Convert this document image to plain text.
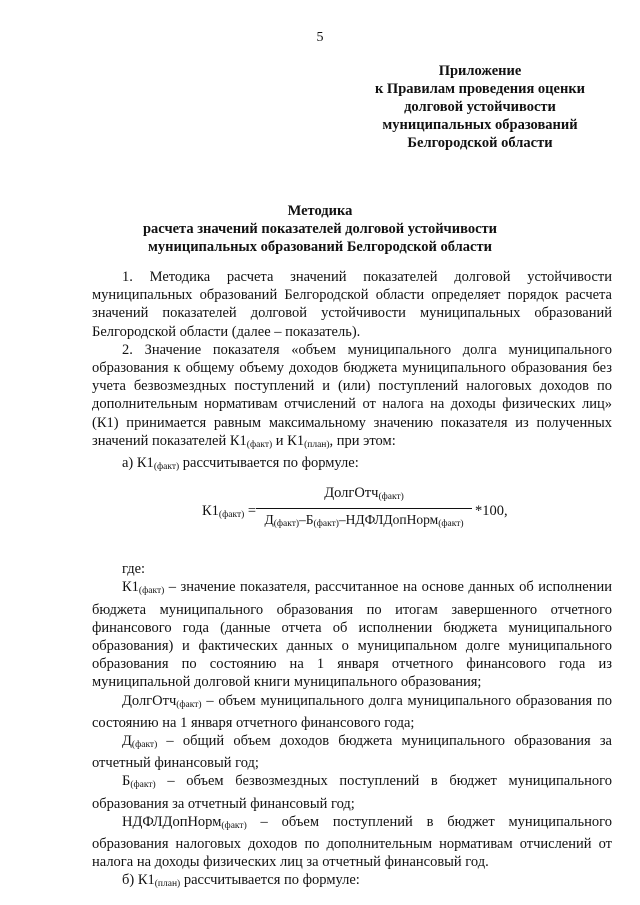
5
Приложение
к Правилам проведения оценки
долговой устойчивости
муниципальных образований
Белгородской области
Методика
расчета значений показателей долговой устойчивости
муниципальных образований Белгородской области

1. Методика расчета значений показателей долговой устойчивости муниципальных образований Белгородской области определяет порядок расчета значений показателей долговой устойчивости муниципальных образований Белгородской области (далее – показатель).

2. Значение показателя «объем муниципального долга муниципального образования к общему объему доходов бюджета муниципального образования без учета безвозмездных поступлений и (или) поступлений налоговых доходов по дополнительным нормативам отчислений от налога на доходы физических лиц» (К1) принимается равным максимальному значению показателя из полученных значений показателей $К1_{(факт)}$ и $К1_{(план)}$, при этом:

а) $К1_{(факт)}$ рассчитывается по формуле:

$К1_{(факт)}$ =
ДолгОтч$_{(факт)}$
$Д_{(факт)}-Б_{(факт)}-НДФЛДопНорм_{(факт)}$
*100,

где:

$К1_{(факт)}$ – значение показателя, рассчитанное на основе данных об исполнении бюджета муниципального образования по итогам завершенного отчетного финансового года (данные отчета об исполнении бюджета муниципального образования) и фактических данных о муниципальном долге муниципального образования по состоянию на 1 января отчетного финансового года из муниципальной долговой книги муниципального образования;

ДолгОтч$_{(факт)}$ – объем муниципального долга муниципального образования по состоянию на 1 января отчетного финансового года;

$Д_{(факт)}$ – общий объем доходов бюджета муниципального образования за отчетный финансовый год;

$Б_{(факт)}$ – объем безвозмездных поступлений в бюджет муниципального образования за отчетный финансовый год;

НДФЛДопНорм$_{(факт)}$ – объем поступлений в бюджет муниципального образования налоговых доходов по дополнительным нормативам отчислений от налога на доходы физических лиц за отчетный финансовый год.

б) $К1_{(план)}$ рассчитывается по формуле:
